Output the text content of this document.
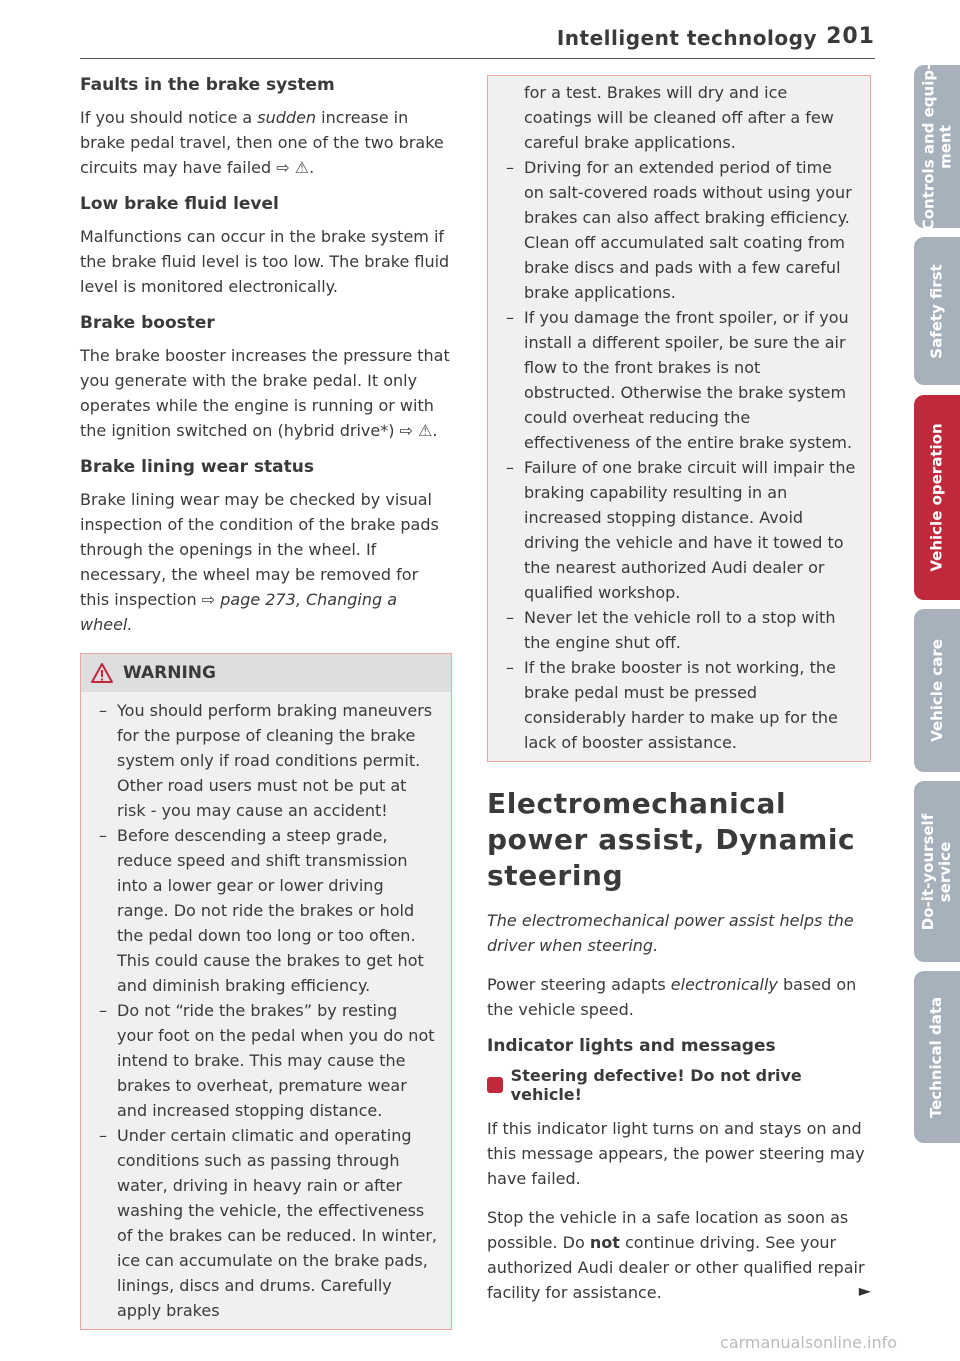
Intelligent technology 201
Faults in the brake system

If you should notice a sudden increase in brake pedal travel, then one of the two brake circuits may have failed ⇨ ⚠.

Low brake fluid level

Malfunctions can occur in the brake system if the brake fluid level is too low. The brake fluid level is monitored electronically.

Brake booster

The brake booster increases the pressure that you generate with the brake pedal. It only operates while the engine is running or with the ignition switched on (hybrid drive*) ⇨ ⚠.

Brake lining wear status

Brake lining wear may be checked by visual inspection of the condition of the brake pads through the openings in the wheel. If necessary, the wheel may be removed for this inspection ⇨ page 273, Changing a wheel.

WARNING
– You should perform braking maneuvers for the purpose of cleaning the brake system only if road conditions permit. Other road users must not be put at risk - you may cause an accident!
– Before descending a steep grade, reduce speed and shift transmission into a lower gear or lower driving range. Do not ride the brakes or hold the pedal down too long or too often. This could cause the brakes to get hot and diminish braking efficiency.
– Do not “ride the brakes” by resting your foot on the pedal when you do not intend to brake. This may cause the brakes to overheat, premature wear and increased stopping distance.
– Under certain climatic and operating conditions such as passing through water, driving in heavy rain or after washing the vehicle, the effectiveness of the brakes can be reduced. In winter, ice can accumulate on the brake pads, linings, discs and drums. Carefully apply brakes
for a test. Brakes will dry and ice coatings will be cleaned off after a few careful brake applications.
– Driving for an extended period of time on salt-covered roads without using your brakes can also affect braking efficiency. Clean off accumulated salt coating from brake discs and pads with a few careful brake applications.
– If you damage the front spoiler, or if you install a different spoiler, be sure the air flow to the front brakes is not obstructed. Otherwise the brake system could overheat reducing the effectiveness of the entire brake system.
– Failure of one brake circuit will impair the braking capability resulting in an increased stopping distance. Avoid driving the vehicle and have it towed to the nearest authorized Audi dealer or qualified workshop.
– Never let the vehicle roll to a stop with the engine shut off.
– If the brake booster is not working, the brake pedal must be pressed considerably harder to make up for the lack of booster assistance.
Electromechanical power assist, Dynamic steering

The electromechanical power assist helps the driver when steering.

Power steering adapts electronically based on the vehicle speed.

Indicator lights and messages
Steering defective! Do not drive vehicle!

If this indicator light turns on and stays on and this message appears, the power steering may have failed.

Stop the vehicle in a safe location as soon as possible. Do not continue driving. See your authorized Audi dealer or other qualified repair facility for assistance.	►

Controls and equip-
ment
Safety first
Vehicle operation
Vehicle care
Do-it-yourself
service
Technical data
carmanualsonline.info
